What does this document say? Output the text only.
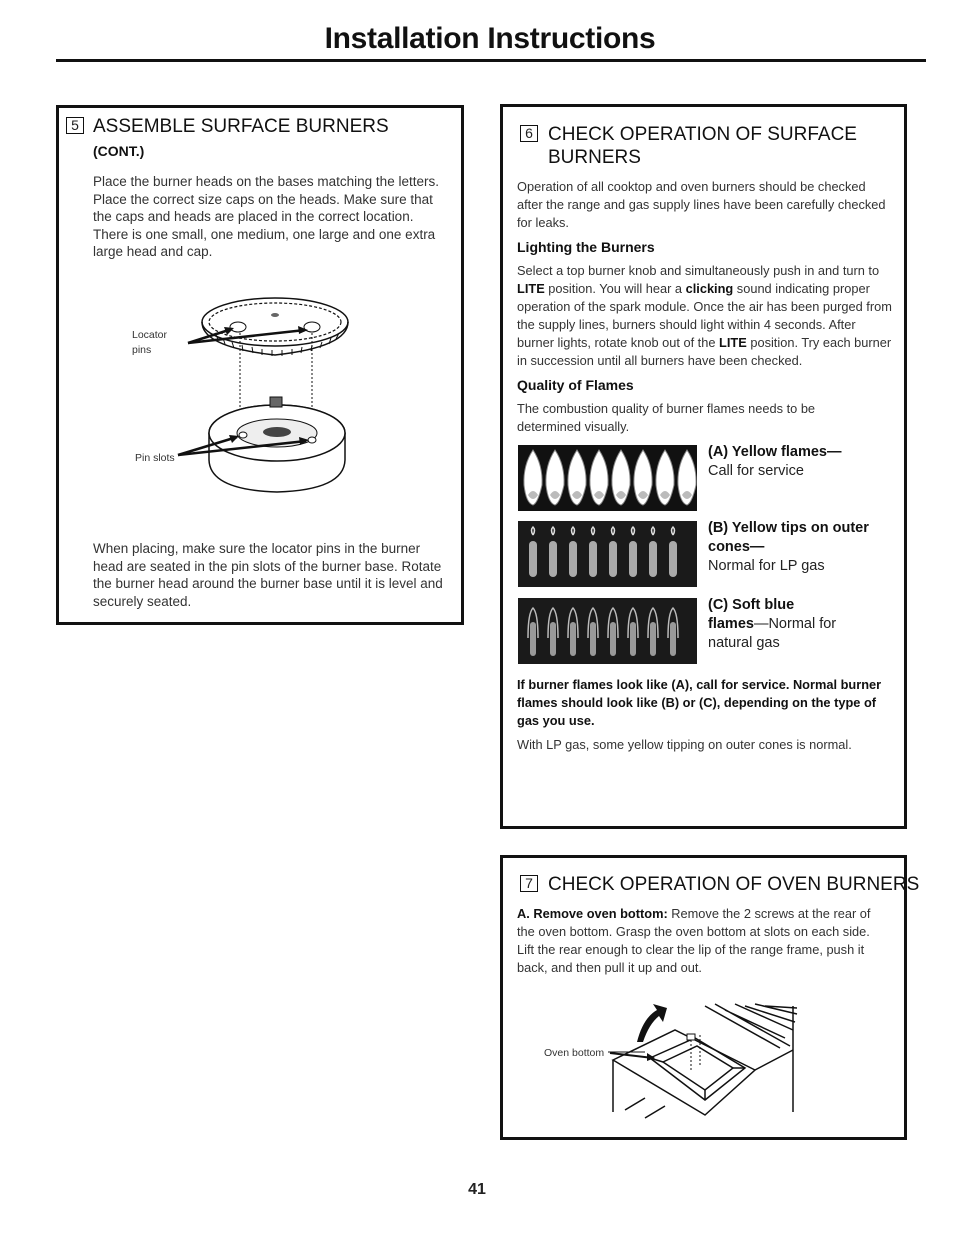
Installation Instructions
5 ASSEMBLE SURFACE BURNERS
(CONT.)
Place the burner heads on the bases matching the letters. Place the correct size caps on the heads. Make sure that the caps and heads are placed in the correct location. There is one small, one medium, one large and one extra large head and cap.
Locator pins
Pin slots
When placing, make sure the locator pins in the burner head are seated in the pin slots of the burner base. Rotate the burner head around the burner base until it is level and securely seated.
6 CHECK OPERATION OF SURFACE BURNERS
Operation of all cooktop and oven burners should be checked after the range and gas supply lines have been carefully checked for leaks.
Lighting the Burners
Select a top burner knob and simultaneously push in and turn to LITE position. You will hear a clicking sound indicating proper operation of the spark module. Once the air has been purged from the supply lines, burners should light within 4 seconds. After burner lights, rotate knob out of the LITE position. Try each burner in succession until all burners have been checked.
Quality of Flames
The combustion quality of burner flames needs to be determined visually.
(A) Yellow flames—
Call for service
(B) Yellow tips on outer cones—
Normal for LP gas
(C) Soft blue flames—Normal for natural gas
If burner flames look like (A), call for service. Normal burner flames should look like (B) or (C), depending on the type of gas you use.
With LP gas, some yellow tipping on outer cones is normal.
7 CHECK OPERATION OF OVEN BURNERS
A. Remove oven bottom: Remove the 2 screws at the rear of the oven bottom. Grasp the oven bottom at slots on each side. Lift the rear enough to clear the lip of the range frame, push it back, and then pull it up and out.
Oven bottom
41
